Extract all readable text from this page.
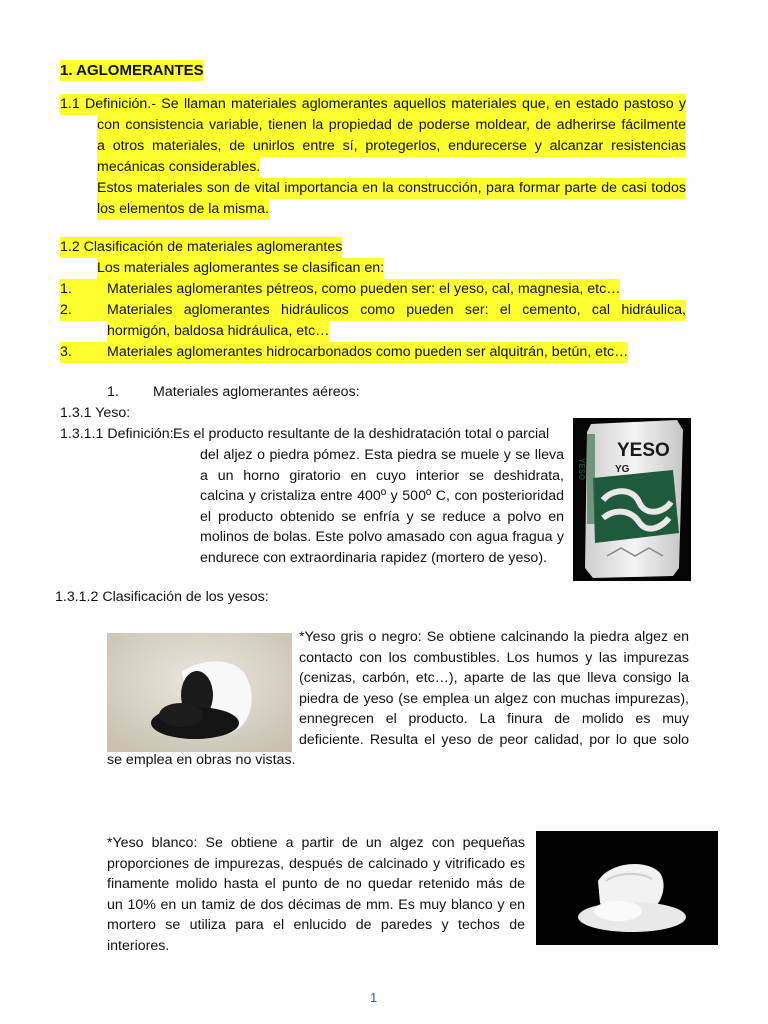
1. AGLOMERANTES
1.1 Definición.- Se llaman materiales aglomerantes aquellos materiales que, en estado pastoso y
con consistencia variable, tienen la propiedad de poderse moldear, de adherirse fácilmente
a otros materiales, de unirlos entre sí, protegerlos, endurecerse y alcanzar resistencias
mecánicas considerables.
Estos materiales son de vital importancia en la construcción, para formar parte de casi todos
los elementos de la misma.
1.2 Clasificación de materiales aglomerantes
Los materiales aglomerantes se clasifican en:
1.	Materiales aglomerantes pétreos, como pueden ser: el yeso, cal, magnesia, etc…
2.	Materiales aglomerantes hidráulicos como pueden ser: el cemento, cal hidráulica,
hormigón, baldosa hidráulica, etc…
3.	Materiales aglomerantes hidrocarbonados como pueden ser alquitrán, betún, etc…
1. Materiales aglomerantes aéreos:
1.3.1 Yeso:
1.3.1.1 Definición: Es el producto resultante de la deshidratación total o parcial

del aljez o piedra pómez. Esta piedra se muele y se lleva

a un horno giratorio en cuyo interior se deshidrata,

calcina y cristaliza entre 400º y 500º C, con posterioridad

el producto obtenido se enfría y se reduce a polvo en

molinos de bolas. Este polvo amasado con agua fragua y

endurece con extraordinaria rapidez (mortero de yeso).

YESO
YG
YESO
1.3.1.2 Clasificación de los yesos:

*Yeso gris o negro: Se obtiene calcinando la piedra algez en

contacto con los combustibles. Los humos y las impurezas

(cenizas, carbón, etc…), aparte de las que lleva consigo la

piedra de yeso (se emplea un algez con muchas impurezas),

ennegrecen el producto. La finura de molido es muy

deficiente. Resulta el yeso de peor calidad, por lo que solo

se emplea en obras no vistas.

*Yeso blanco: Se obtiene a partir de un algez con pequeñas

proporciones de impurezas, después de calcinado y vitrificado es

finamente molido hasta el punto de no quedar retenido más de

un 10% en un tamiz de dos décimas de mm. Es muy blanco y en

mortero se utiliza para el enlucido de paredes y techos de

interiores.

1
